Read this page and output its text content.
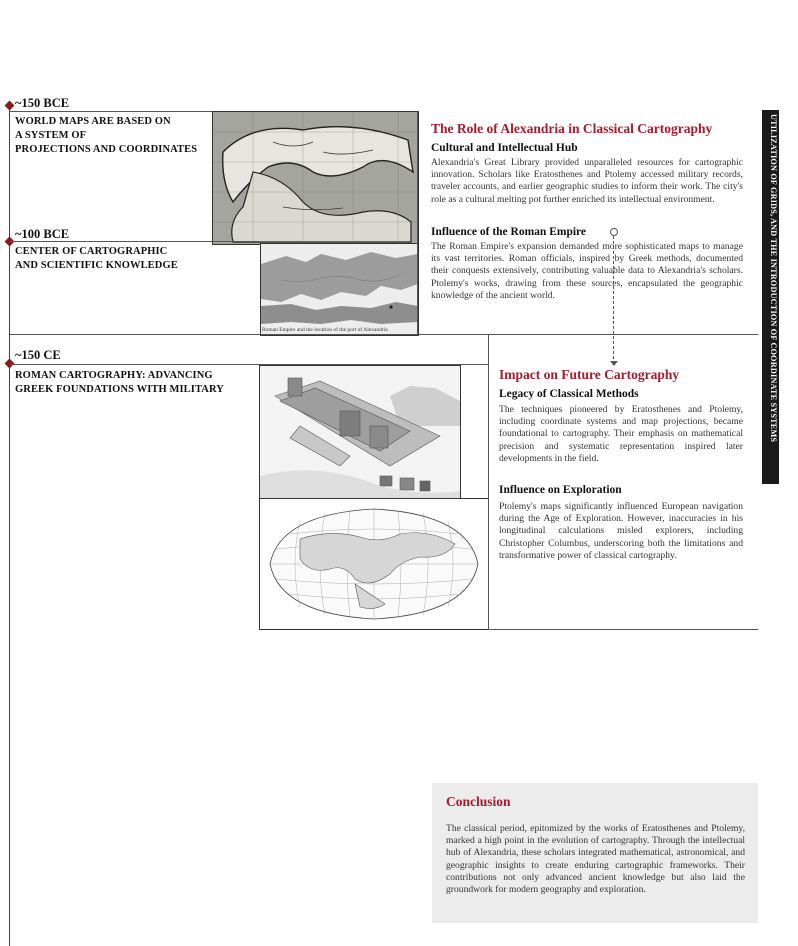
~150 BCE
WORLD MAPS ARE BASED ON
A SYSTEM OF
PROJECTIONS AND COORDINATES
~100 BCE
CENTER OF CARTOGRAPHIC
AND SCIENTIFIC KNOWLEDGE
Roman Empire and the location of the port of Alexandria
The Role of Alexandria in Classical Cartography
Cultural and Intellectual Hub
Alexandria's Great Library provided unparalleled resources for cartographic innovation. Scholars like Eratosthenes and Ptolemy accessed military records, traveler accounts, and earlier geographic studies to inform their work. The city's role as a cultural melting pot further enriched its intellectual environment.
Influence of the Roman Empire
The Roman Empire's expansion demanded more sophisticated maps to manage its vast territories. Roman officials, inspired by Greek methods, documented their conquests extensively, contributing valuable data to Alexandria's scholars. Ptolemy's works, drawing from these sources, encapsulated the geographic knowledge of the ancient world.
~150 CE
ROMAN CARTOGRAPHY: ADVANCING
GREEK FOUNDATIONS WITH MILITARY
Impact on Future Cartography
Legacy of Classical Methods
The techniques pioneered by Eratosthenes and Ptolemy, including coordinate systems and map projections, became foundational to cartography. Their emphasis on mathematical precision and systematic representation inspired later developments in the field.
Influence on Exploration
Ptolemy's maps significantly influenced European navigation during the Age of Exploration. However, inaccuracies in his longitudinal calculations misled explorers, including Christopher Columbus, underscoring both the limitations and transformative power of classical cartography.
UTILIZATION OF GRIDS, AND THE INTRODUCTION OF COORDINATE SYSTEMS
Conclusion
The classical period, epitomized by the works of Eratosthenes and Ptolemy, marked a high point in the evolution of cartography. Through the intellectual hub of Alexandria, these scholars integrated mathematical, astronomical, and geographic insights to create enduring cartographic frameworks. Their contributions not only advanced ancient knowledge but also laid the groundwork for modern geography and exploration.
